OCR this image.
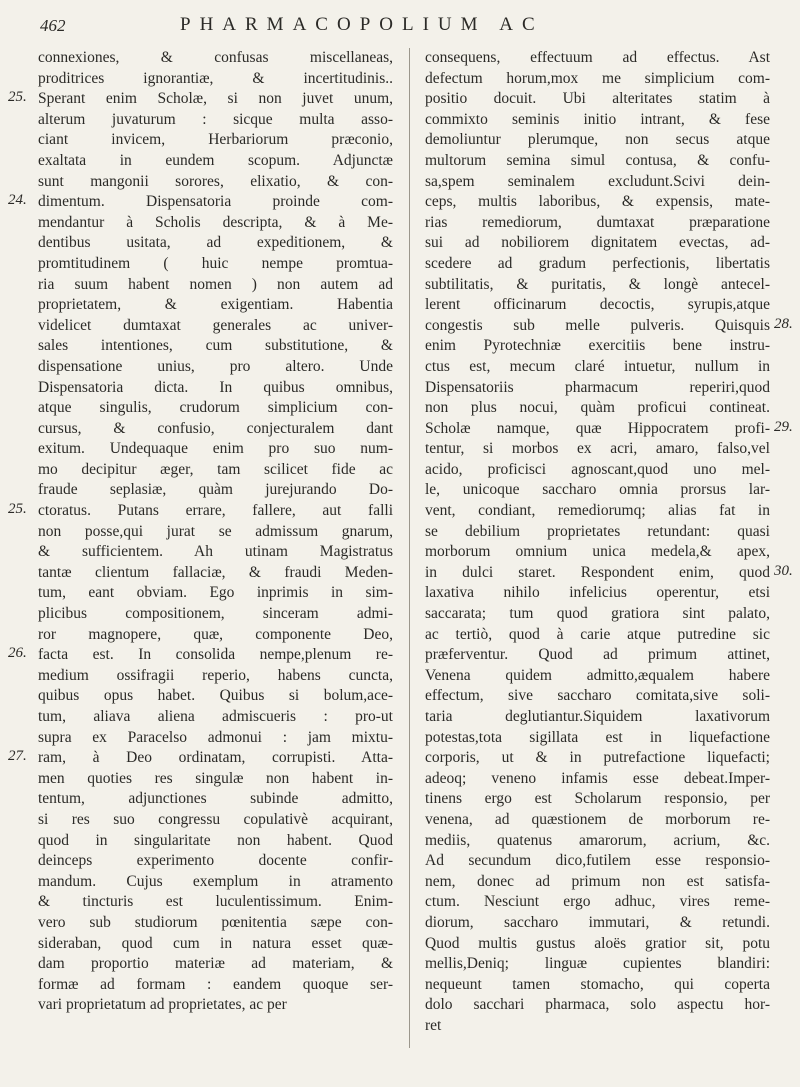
462	PHARMACOPOLIUM AC
connexiones, & confusas miscellaneas,
proditrices ignorantiæ, & incertitudinis..
Sperant enim Scholæ, si non juvet unum,
alterum juvaturum : sicque multa asso-
ciant invicem, Herbariorum præconio,
exaltata in eundem scopum. Adjunctæ
sunt mangonii sorores, elixatio, & con-
dimentum. Dispensatoria proinde com-
mendantur à Scholis descripta, & à Me-
dentibus usitata, ad expeditionem, &
promtitudinem ( huic nempe promtua-
ria suum habent nomen ) non autem ad
proprietatem, & exigentiam. Habentia
videlicet dumtaxat generales ac univer-
sales intentiones, cum substitutione, &
dispensatione unius, pro altero. Unde
Dispensatoria dicta. In quibus omnibus,
atque singulis, crudorum simplicium con-
cursus, & confusio, conjecturalem dant
exitum. Undequaque enim pro suo num-
mo decipitur æger, tam scilicet fide ac
fraude seplasiæ, quàm jurejurando Do-
ctoratus. Putans errare, fallere, aut falli
non posse,qui jurat se admissum gnarum,
& sufficientem. Ah utinam Magistratus
tantæ clientum fallaciæ, & fraudi Meden-
tum, eant obviam. Ego inprimis in sim-
plicibus compositionem, sinceram admi-
ror magnopere, quæ, componente Deo,
facta est. In consolida nempe,plenum re-
medium ossifragii reperio, habens cuncta,
quibus opus habet. Quibus si bolum,ace-
tum, aliava aliena admiscueris : pro-ut
supra ex Paracelso admonui : jam mixtu-
ram, à Deo ordinatam, corrupisti. Atta-
men quoties res singulæ non habent in-
tentum, adjunctiones subinde admitto,
si res suo congressu copulativè acquirant,
quod in singularitate non habent. Quod
deinceps experimento docente confir-
mandum. Cujus exemplum in atramento
& tincturis est luculentissimum. Enim-
vero sub studiorum pœnitentia sæpe con-
sideraban, quod cum in natura esset quæ-
dam proportio materiæ ad materiam, &
formæ ad formam : eandem quoque ser-
vari proprietatum ad proprietates, ac per
consequens, effectuum ad effectus. Ast
defectum horum,mox me simplicium com-
positio docuit. Ubi alteritates statim à
commixto seminis initio intrant, & fese
demoliuntur plerumque, non secus atque
multorum semina simul contusa, & confu-
sa,spem seminalem excludunt.Scivi dein-
ceps, multis laboribus, & expensis, mate-
rias remediorum, dumtaxat præparatione
sui ad nobiliorem dignitatem evectas, ad-
scedere ad gradum perfectionis, libertatis
subtilitatis, & puritatis, & longè antecel-
lerent officinarum decoctis, syrupis,atque
congestis sub melle pulveris. Quisquis
enim Pyrotechniæ exercitiis bene instru-
ctus est, mecum claré intuetur, nullum in
Dispensatoriis pharmacum reperiri,quod
non plus nocui, quàm proficui contineat.
Scholæ namque, quæ Hippocratem profi-
tentur, si morbos ex acri, amaro, falso,vel
acido, proficisci agnoscant,quod uno mel-
le, unicoque saccharo omnia prorsus lar-
vent, condiant, remediorumq; alias fat in
se debilium proprietates retundant: quasi
morborum omnium unica medela,& apex,
in dulci staret. Respondent enim, quod
laxativa nihilo infelicius operentur, etsi
saccarata; tum quod gratiora sint palato,
ac tertiò, quod à carie atque putredine sic
præferventur. Quod ad primum attinet,
Venena quidem admitto,æqualem habere
effectum, sive saccharo comitata,sive soli-
taria deglutiantur.Siquidem laxativorum
potestas,tota sigillata est in liquefactione
corporis, ut & in putrefactione liquefacti;
adeoq; veneno infamis esse debeat.Imper-
tinens ergo est Scholarum responsio, per
venena, ad quæstionem de morborum re-
mediis, quatenus amarorum, acrium, &c.
Ad secundum dico,futilem esse responsio-
nem, donec ad primum non est satisfa-
ctum. Nesciunt ergo adhuc, vires reme-
diorum, saccharo immutari, & retundi.
Quod multis gustus aloës gratior sit, potu
mellis,Deniq; linguæ cupientes blandiri:
nequeunt tamen stomacho, qui coperta
dolo sacchari pharmaca, solo aspectu hor-
ret
25.
24.
25.
26.
27.
28.
29.
30.
